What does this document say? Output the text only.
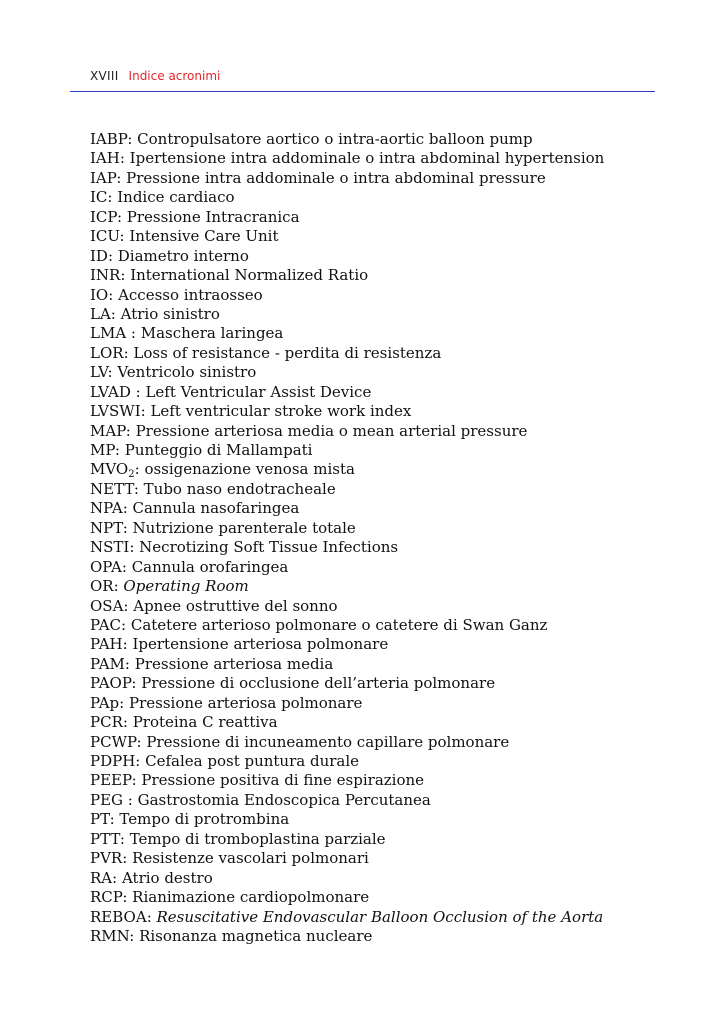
XVIII Indice acronimi
IABP: Contropulsatore aortico o intra-aortic balloon pump
IAH: Ipertensione intra addominale o intra abdominal hypertension
IAP: Pressione intra addominale o intra abdominal pressure
IC: Indice cardiaco
ICP: Pressione Intracranica
ICU: Intensive Care Unit
ID: Diametro interno
INR: International Normalized Ratio
IO: Accesso intraosseo
LA: Atrio sinistro
LMA : Maschera laringea
LOR: Loss of resistance - perdita di resistenza
LV: Ventricolo sinistro
LVAD : Left Ventricular Assist Device
LVSWI: Left ventricular stroke work index
MAP: Pressione arteriosa media o mean arterial pressure
MP: Punteggio di Mallampati
$MVO_2$: ossigenazione venosa mista
NETT: Tubo naso endotracheale
NPA: Cannula nasofaringea
NPT: Nutrizione parenterale totale
NSTI: Necrotizing Soft Tissue Infections
OPA: Cannula orofaringea
OR: Operating Room
OSA: Apnee ostruttive del sonno
PAC: Catetere arterioso polmonare o catetere di Swan Ganz
PAH: Ipertensione arteriosa polmonare
PAM: Pressione arteriosa media
PAOP: Pressione di occlusione dell’arteria polmonare
PAp: Pressione arteriosa polmonare
PCR: Proteina C reattiva
PCWP: Pressione di incuneamento capillare polmonare
PDPH: Cefalea post puntura durale
PEEP: Pressione positiva di fine espirazione
PEG : Gastrostomia Endoscopica Percutanea
PT: Tempo di protrombina
PTT: Tempo di tromboplastina parziale
PVR: Resistenze vascolari polmonari
RA: Atrio destro
RCP: Rianimazione cardiopolmonare
REBOA: Resuscitative Endovascular Balloon Occlusion of the Aorta
RMN: Risonanza magnetica nucleare
